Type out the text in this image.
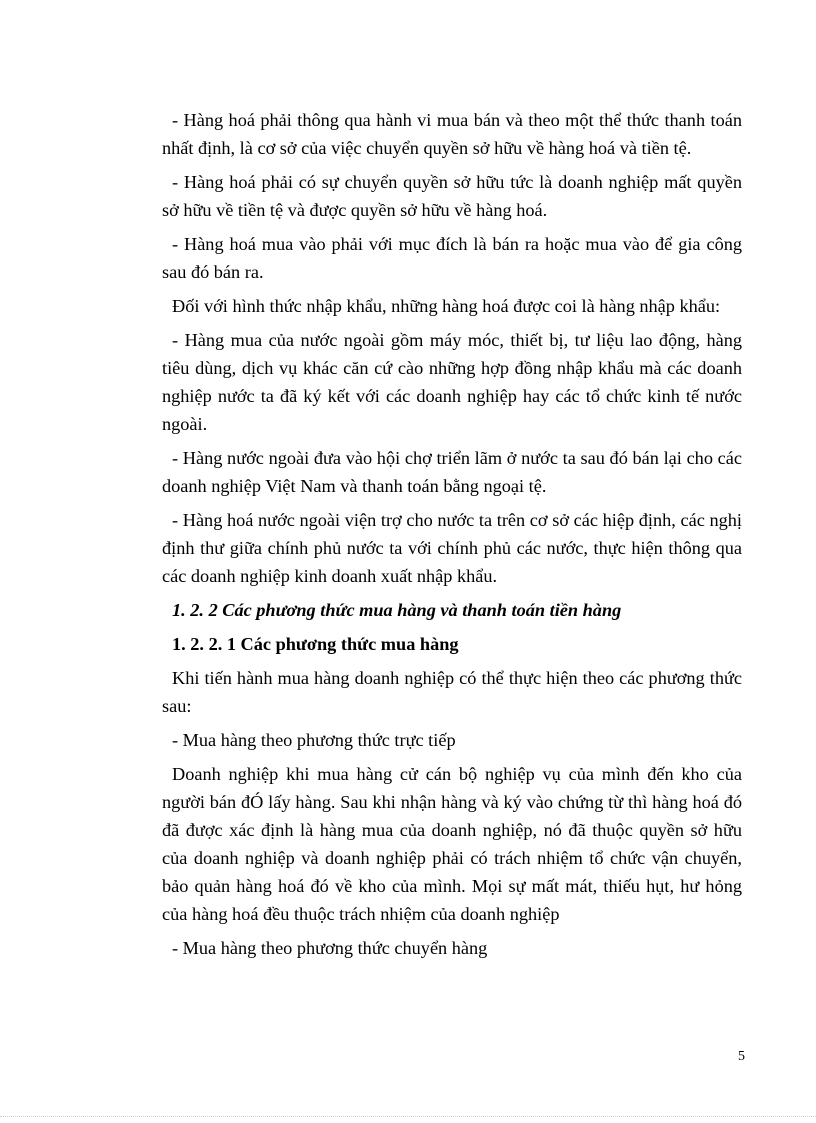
- Hàng hoá phải thông qua hành vi mua bán và theo một thể thức thanh toán nhất định, là cơ sở của việc chuyển quyền sở hữu về hàng hoá và tiền tệ.

- Hàng hoá phải có sự chuyển quyền sở hữu tức là doanh nghiệp mất quyền sở hữu về tiền tệ và được quyền sở hữu về hàng hoá.

- Hàng hoá mua vào phải với mục đích là bán ra hoặc mua vào để gia công sau đó bán ra.

Đối với hình thức nhập khẩu, những hàng hoá được coi là hàng nhập khẩu:

- Hàng mua của nước ngoài gồm máy móc, thiết bị, tư liệu lao động, hàng tiêu dùng, dịch vụ khác căn cứ cào những hợp đồng nhập khẩu mà các doanh nghiệp nước ta đã ký kết với các doanh nghiệp hay các tổ chức kinh tế nước ngoài.

- Hàng nước ngoài đưa vào hội chợ triển lãm ở nước ta sau đó bán lại cho các doanh nghiệp Việt Nam và thanh toán bằng ngoại tệ.

- Hàng hoá nước ngoài viện trợ cho nước ta trên cơ sở các hiệp định, các nghị định thư giữa chính phủ nước ta với chính phủ các nước, thực hiện thông qua các doanh nghiệp kinh doanh xuất nhập khẩu.

1. 2. 2 Các phương thức mua hàng và thanh toán tiền hàng

1. 2. 2. 1 Các phương thức mua hàng

Khi tiến hành mua hàng doanh nghiệp có thể thực hiện theo các phương thức sau:

- Mua hàng theo phương thức trực tiếp

Doanh nghiệp khi mua hàng cử cán bộ nghiệp vụ của mình đến kho của người bán đÓ lấy hàng. Sau khi nhận hàng và ký vào chứng từ thì hàng hoá đó đã được xác định là hàng mua của doanh nghiệp, nó đã thuộc quyền sở hữu của doanh nghiệp và doanh nghiệp phải có trách nhiệm tổ chức vận chuyển, bảo quản hàng hoá đó về kho của mình. Mọi sự mất mát, thiếu hụt, hư hỏng của hàng hoá đều thuộc trách nhiệm của doanh nghiệp

- Mua hàng theo phương thức chuyển hàng

5
